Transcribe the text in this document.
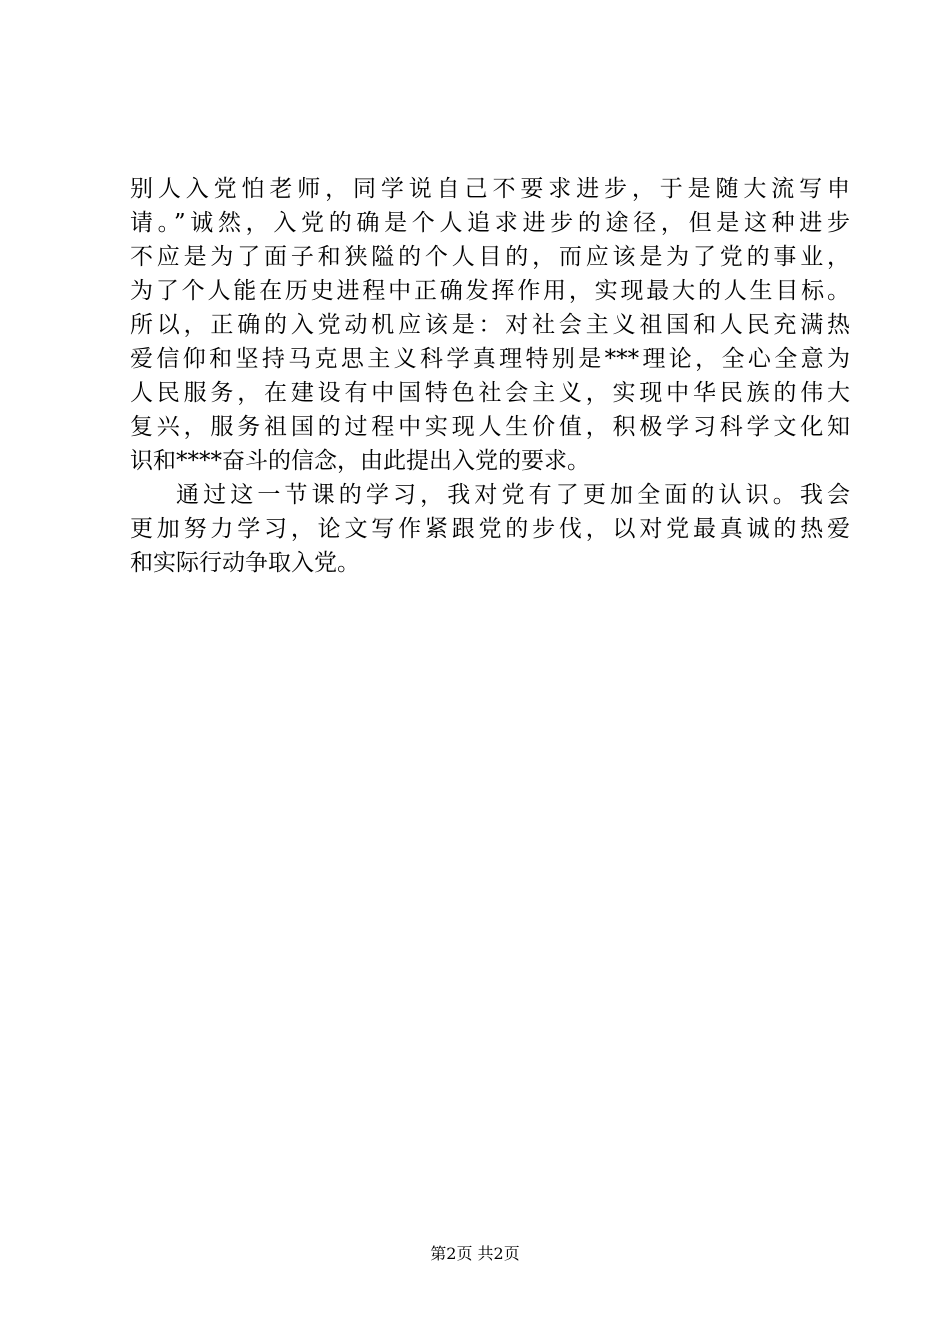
别人入党怕老师，同学说自己不要求进步，于是随大流写申
请。”诚然，入党的确是个人追求进步的途径，但是这种进步
不应是为了面子和狭隘的个人目的，而应该是为了党的事业，
为了个人能在历史进程中正确发挥作用，实现最大的人生目标。
所以，正确的入党动机应该是：对社会主义祖国和人民充满热
爱信仰和坚持马克思主义科学真理特别是***理论，全心全意为
人民服务，在建设有中国特色社会主义，实现中华民族的伟大
复兴，服务祖国的过程中实现人生价值，积极学习科学文化知
识和****奋斗的信念，由此提出入党的要求。
通过这一节课的学习，我对党有了更加全面的认识。我会
更加努力学习，论文写作紧跟党的步伐，以对党最真诚的热爱
和实际行动争取入党。
第2页 共2页
